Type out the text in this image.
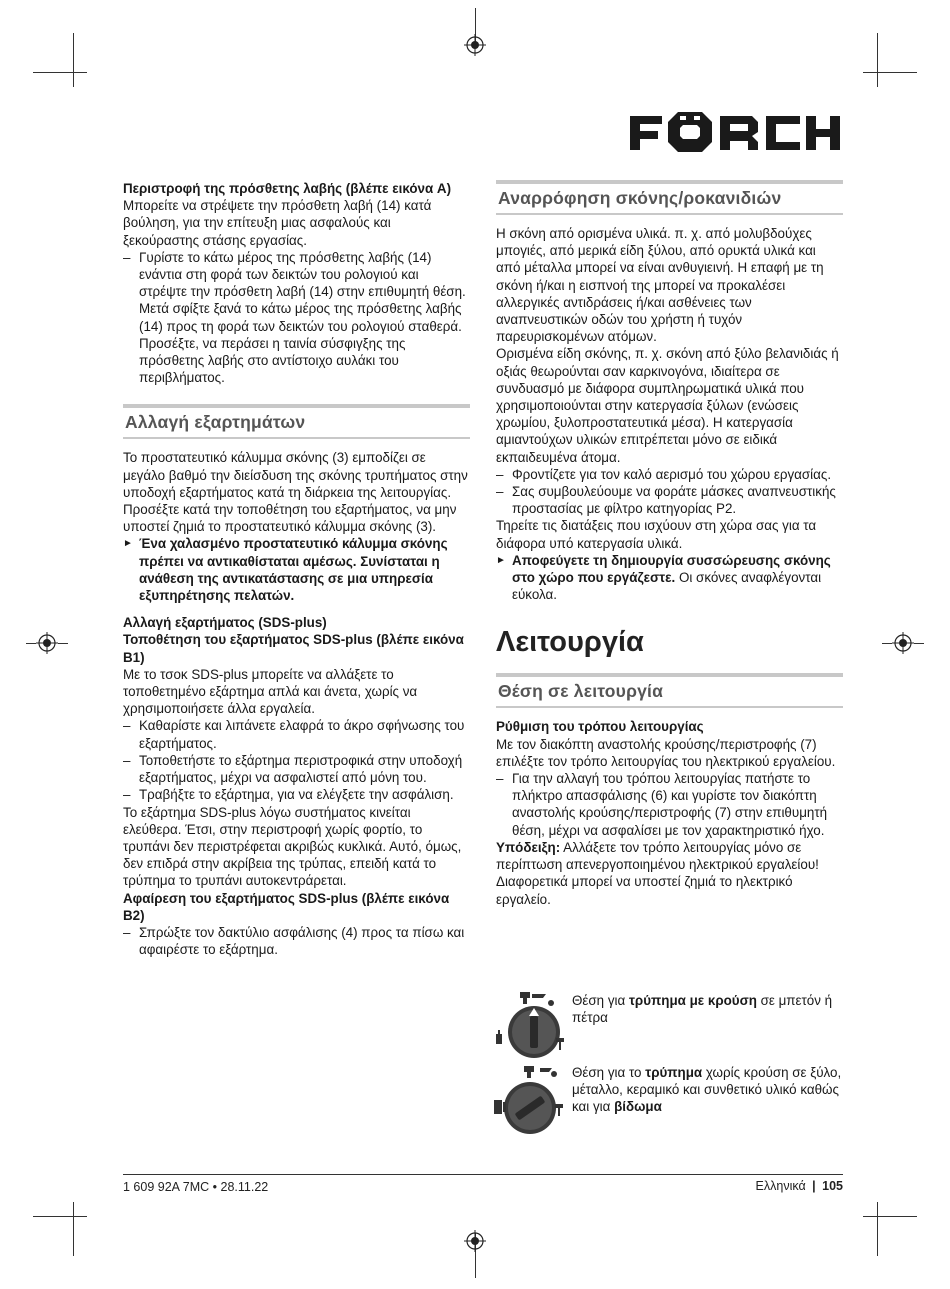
Περιστροφή της πρόσθετης λαβής (βλέπε εικόνα A)

Μπορείτε να στρέψετε την πρόσθετη λαβή (14) κατά βούληση, για την επίτευξη μιας ασφαλούς και ξεκούραστης στάσης εργασίας.

– Γυρίστε το κάτω μέρος της πρόσθετης λαβής (14) ενάντια στη φορά των δεικτών του ρολογιού και στρέψτε την πρόσθετη λαβή (14) στην επιθυμητή θέση. Μετά σφίξτε ξανά το κάτω μέρος της πρόσθετης λαβής (14) προς τη φορά των δεικτών του ρολογιού σταθερά. Προσέξτε, να περάσει η ταινία σύσφιγξης της πρόσθετης λαβής στο αντίστοιχο αυλάκι του περιβλήματος.

Αλλαγή εξαρτημάτων

Το προστατευτικό κάλυμμα σκόνης (3) εμποδίζει σε μεγάλο βαθμό την διείσδυση της σκόνης τρυπήματος στην υποδοχή εξαρτήματος κατά τη διάρκεια της λειτουργίας. Προσέξτε κατά την τοποθέτηση του εξαρτήματος, να μην υποστεί ζημιά το προστατευτικό κάλυμμα σκόνης (3).

► Ένα χαλασμένο προστατευτικό κάλυμμα σκόνης πρέπει να αντικαθίσταται αμέσως. Συνίσταται η ανάθεση της αντικατάστασης σε μια υπηρεσία εξυπηρέτησης πελατών.

Αλλαγή εξαρτήματος (SDS-plus)

Τοποθέτηση του εξαρτήματος SDS-plus (βλέπε εικόνα B1)

Με το τσοκ SDS-plus μπορείτε να αλλάξετε το τοποθετημένο εξάρτημα απλά και άνετα, χωρίς να χρησιμοποιήσετε άλλα εργαλεία.

– Καθαρίστε και λιπάνετε ελαφρά το άκρο σφήνωσης του εξαρτήματος.

– Τοποθετήστε το εξάρτημα περιστροφικά στην υποδοχή εξαρτήματος, μέχρι να ασφαλιστεί από μόνη του.

– Τραβήξτε το εξάρτημα, για να ελέγξετε την ασφάλιση.

Το εξάρτημα SDS-plus λόγω συστήματος κινείται ελεύθερα. Έτσι, στην περιστροφή χωρίς φορτίο, το τρυπάνι δεν περιστρέφεται ακριβώς κυκλικά. Αυτό, όμως, δεν επιδρά στην ακρίβεια της τρύπας, επειδή κατά το τρύπημα το τρυπάνι αυτοκεντράρεται.

Αφαίρεση του εξαρτήματος SDS-plus (βλέπε εικόνα B2)

– Σπρώξτε τον δακτύλιο ασφάλισης (4) προς τα πίσω και αφαιρέστε το εξάρτημα.

Αναρρόφηση σκόνης/ροκανιδιών

Η σκόνη από ορισμένα υλικά. π. χ. από μολυβδούχες μπογιές, από μερικά είδη ξύλου, από ορυκτά υλικά και από μέταλλα μπορεί να είναι ανθυγιεινή. Η επαφή με τη σκόνη ή/και η εισπνοή της μπορεί να προκαλέσει αλλεργικές αντιδράσεις ή/και ασθένειες των αναπνευστικών οδών του χρήστη ή τυχόν παρευρισκομένων ατόμων.

Ορισμένα είδη σκόνης, π. χ. σκόνη από ξύλο βελανιδιάς ή οξιάς θεωρούνται σαν καρκινογόνα, ιδιαίτερα σε συνδυασμό με διάφορα συμπληρωματικά υλικά που χρησιμοποιούνται στην κατεργασία ξύλων (ενώσεις χρωμίου, ξυλοπροστατευτικά μέσα). Η κατεργασία αμιαντούχων υλικών επιτρέπεται μόνο σε ειδικά εκπαιδευμένα άτομα.

– Φροντίζετε για τον καλό αερισμό του χώρου εργασίας.

– Σας συμβουλεύουμε να φοράτε μάσκες αναπνευστικής προστασίας με φίλτρο κατηγορίας P2.

Τηρείτε τις διατάξεις που ισχύουν στη χώρα σας για τα διάφορα υπό κατεργασία υλικά.

► Αποφεύγετε τη δημιουργία συσσώρευσης σκόνης στο χώρο που εργάζεστε. Οι σκόνες αναφλέγονται εύκολα.

Λειτουργία
Θέση σε λειτουργία

Ρύθμιση του τρόπου λειτουργίας

Με τον διακόπτη αναστολής κρούσης/περιστροφής (7) επιλέξτε τον τρόπο λειτουργίας του ηλεκτρικού εργαλείου.

– Για την αλλαγή του τρόπου λειτουργίας πατήστε το πλήκτρο απασφάλισης (6) και γυρίστε τον διακόπτη αναστολής κρούσης/περιστροφής (7) στην επιθυμητή θέση, μέχρι να ασφαλίσει με τον χαρακτηριστικό ήχο.

Υπόδειξη: Αλλάξετε τον τρόπο λειτουργίας μόνο σε περίπτωση απενεργοποιημένου ηλεκτρικού εργαλείου! Διαφορετικά μπορεί να υποστεί ζημιά το ηλεκτρικό εργαλείο.

Θέση για τρύπημα με κρούση σε μπετόν ή πέτρα
Θέση για το τρύπημα χωρίς κρούση σε ξύλο, μέταλλο, κεραμικό και συνθετικό υλικό καθώς και για βίδωμα
1 609 92A 7MC • 28.11.22	Ελληνικά | 105
